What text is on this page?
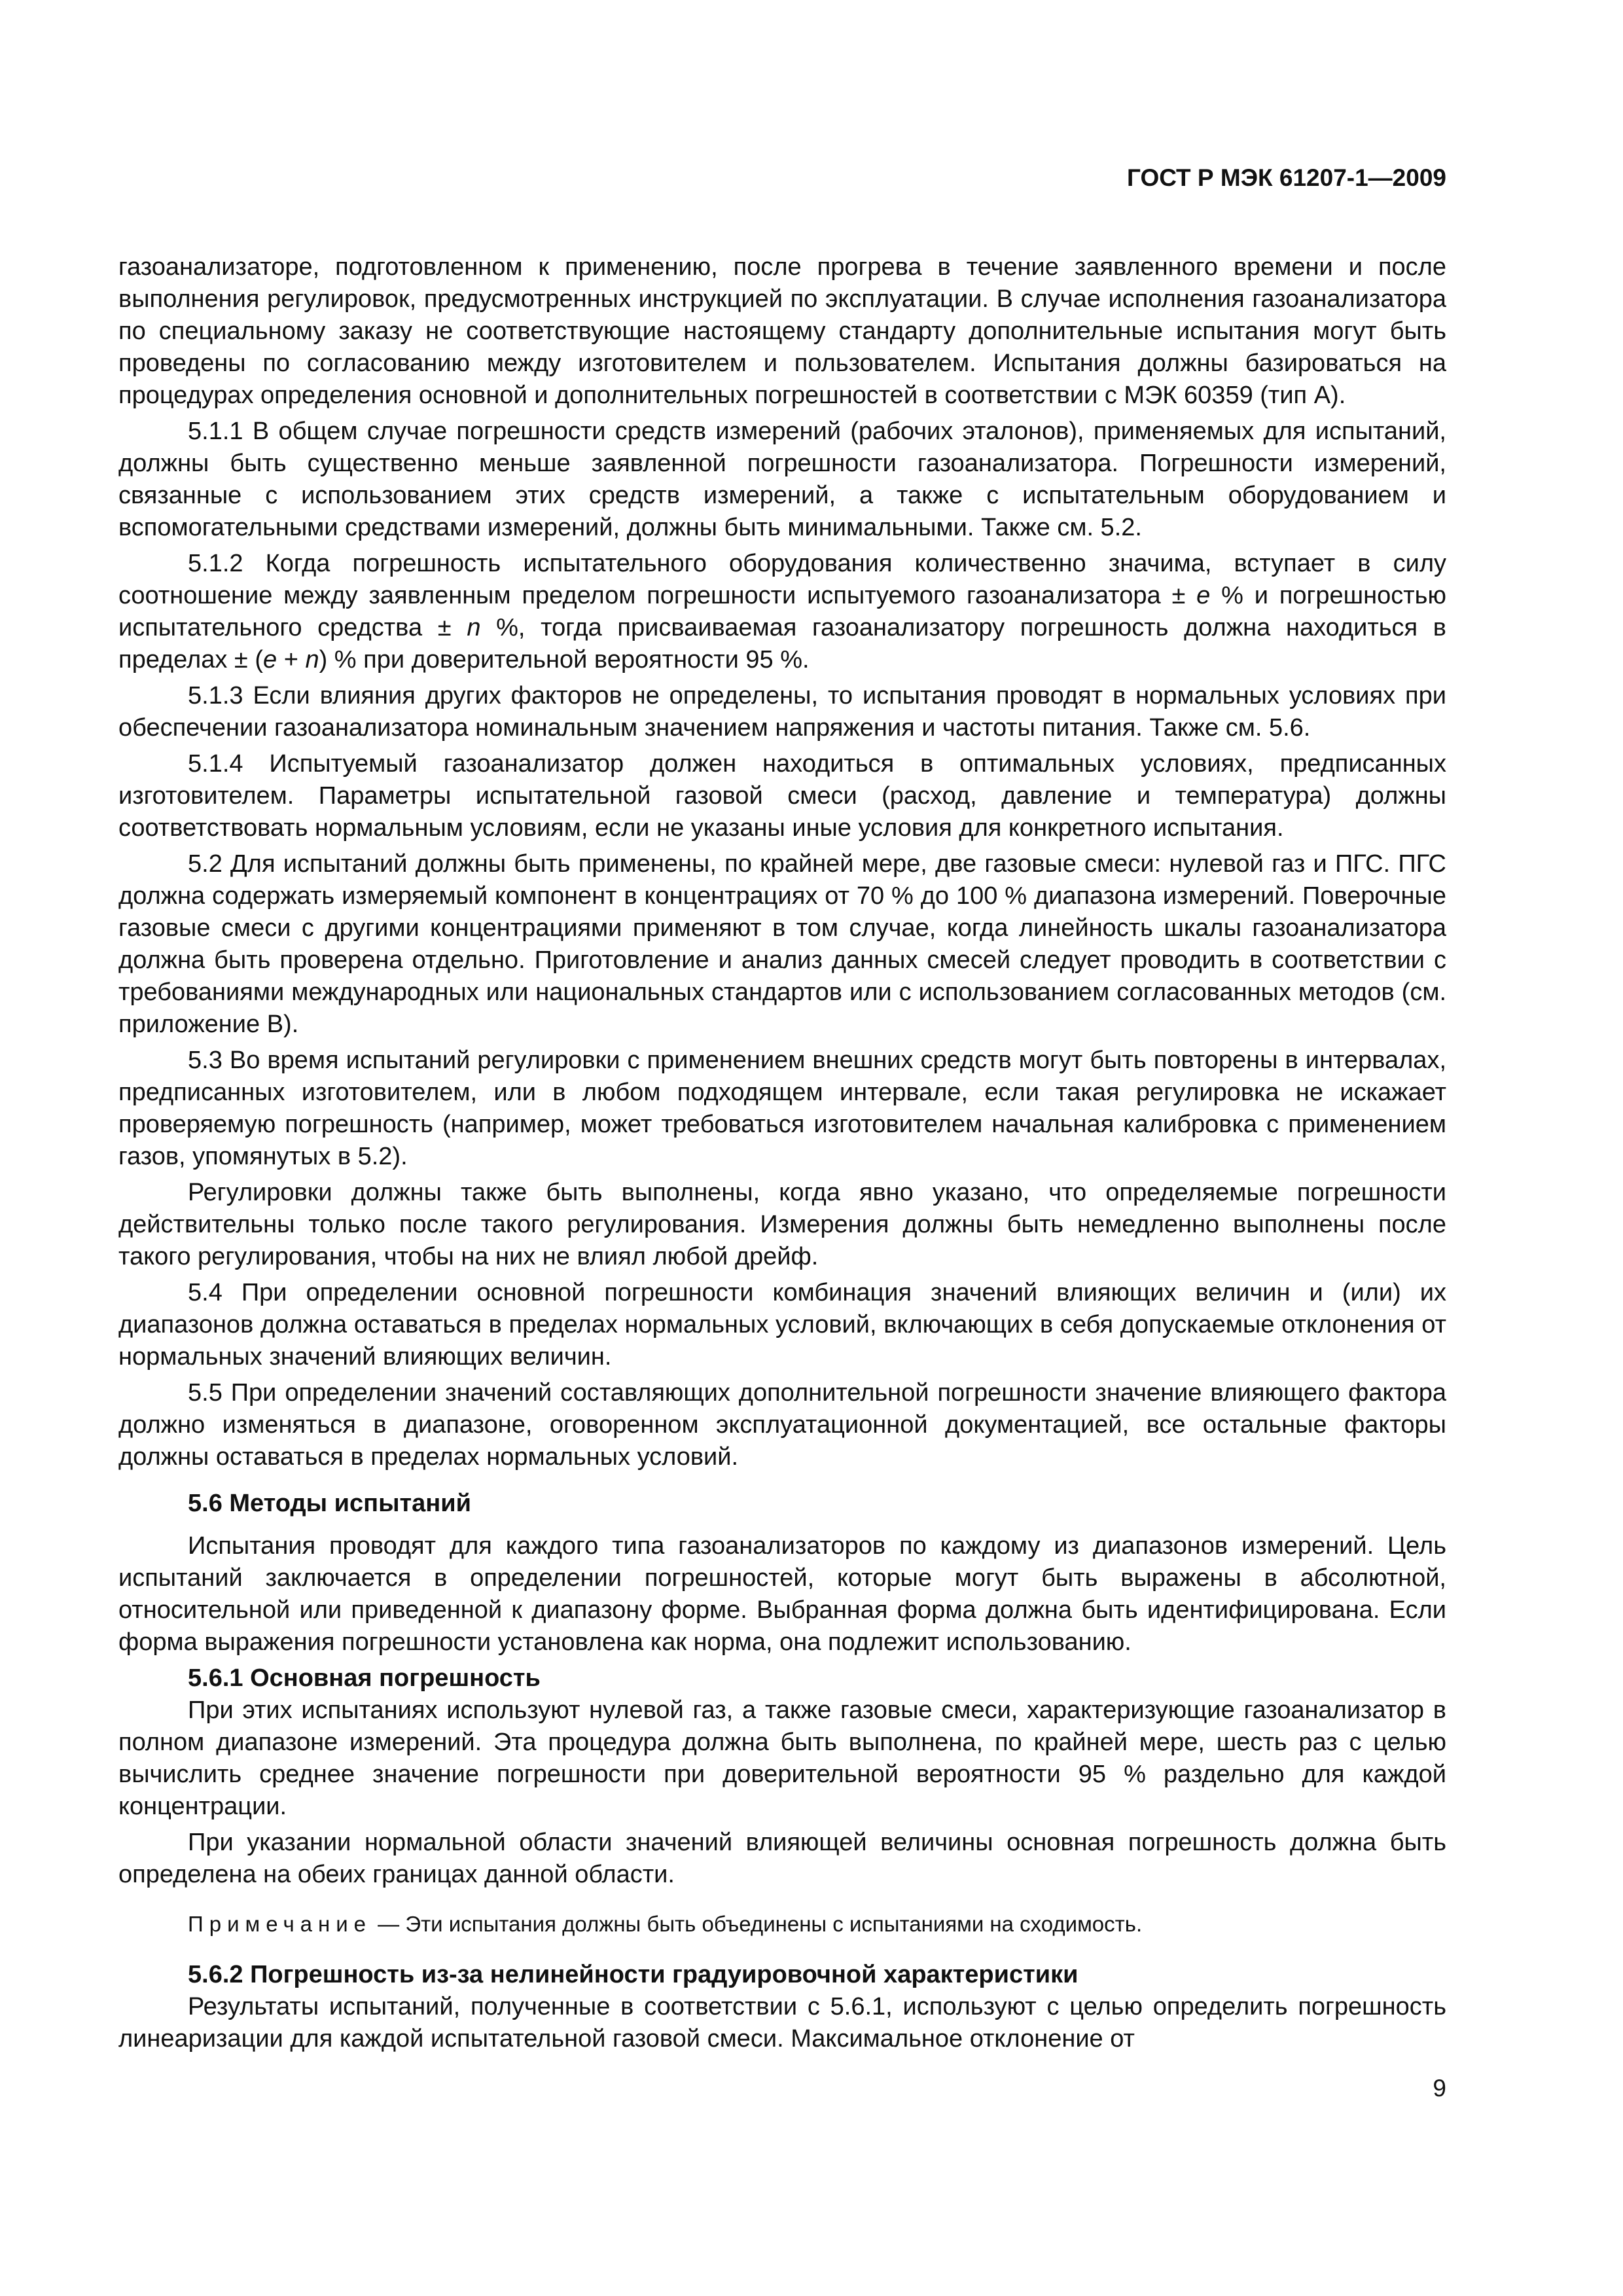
ГОСТ Р МЭК 61207-1—2009

газоанализаторе, подготовленном к применению, после прогрева в течение заявленного времени и после выполнения регулировок, предусмотренных инструкцией по эксплуатации. В случае исполнения газоанализатора по специальному заказу не соответствующие настоящему стандарту дополнительные испытания могут быть проведены по согласованию между изготовителем и пользователем. Испытания должны базироваться на процедурах определения основной и дополнительных погрешностей в соответствии с МЭК 60359 (тип А).

5.1.1 В общем случае погрешности средств измерений (рабочих эталонов), применяемых для испытаний, должны быть существенно меньше заявленной погрешности газоанализатора. Погрешности измерений, связанные с использованием этих средств измерений, а также с испытательным оборудованием и вспомогательными средствами измерений, должны быть минимальными. Также см. 5.2.

5.1.2 Когда погрешность испытательного оборудования количественно значима, вступает в силу соотношение между заявленным пределом погрешности испытуемого газоанализатора ± е % и погрешностью испытательного средства ± n %, тогда присваиваемая газоанализатору погрешность должна находиться в пределах ± (е + n) % при доверительной вероятности 95 %.

5.1.3 Если влияния других факторов не определены, то испытания проводят в нормальных условиях при обеспечении газоанализатора номинальным значением напряжения и частоты питания. Также см. 5.6.

5.1.4 Испытуемый газоанализатор должен находиться в оптимальных условиях, предписанных изготовителем. Параметры испытательной газовой смеси (расход, давление и температура) должны соответствовать нормальным условиям, если не указаны иные условия для конкретного испытания.

5.2 Для испытаний должны быть применены, по крайней мере, две газовые смеси: нулевой газ и ПГС. ПГС должна содержать измеряемый компонент в концентрациях от 70 % до 100 % диапазона измерений. Поверочные газовые смеси с другими концентрациями применяют в том случае, когда линейность шкалы газоанализатора должна быть проверена отдельно. Приготовление и анализ данных смесей следует проводить в соответствии с требованиями международных или национальных стандартов или с использованием согласованных методов (см. приложение В).

5.3 Во время испытаний регулировки с применением внешних средств могут быть повторены в интервалах, предписанных изготовителем, или в любом подходящем интервале, если такая регулировка не искажает проверяемую погрешность (например, может требоваться изготовителем начальная калибровка с применением газов, упомянутых в 5.2).

Регулировки должны также быть выполнены, когда явно указано, что определяемые погрешности действительны только после такого регулирования. Измерения должны быть немедленно выполнены после такого регулирования, чтобы на них не влиял любой дрейф.

5.4 При определении основной погрешности комбинация значений влияющих величин и (или) их диапазонов должна оставаться в пределах нормальных условий, включающих в себя допускаемые отклонения от нормальных значений влияющих величин.

5.5 При определении значений составляющих дополнительной погрешности значение влияющего фактора должно изменяться в диапазоне, оговоренном эксплуатационной документацией, все остальные факторы должны оставаться в пределах нормальных условий.

5.6 Методы испытаний

Испытания проводят для каждого типа газоанализаторов по каждому из диапазонов измерений. Цель испытаний заключается в определении погрешностей, которые могут быть выражены в абсолютной, относительной или приведенной к диапазону форме. Выбранная форма должна быть идентифицирована. Если форма выражения погрешности установлена как норма, она подлежит использованию.

5.6.1 Основная погрешность

При этих испытаниях используют нулевой газ, а также газовые смеси, характеризующие газоанализатор в полном диапазоне измерений. Эта процедура должна быть выполнена, по крайней мере, шесть раз с целью вычислить среднее значение погрешности при доверительной вероятности 95 % раздельно для каждой концентрации.

При указании нормальной области значений влияющей величины основная погрешность должна быть определена на обеих границах данной области.

Примечание — Эти испытания должны быть объединены с испытаниями на сходимость.
5.6.2 Погрешность из-за нелинейности градуировочной характеристики

Результаты испытаний, полученные в соответствии с 5.6.1, используют с целью определить погрешность линеаризации для каждой испытательной газовой смеси. Максимальное отклонение от

9
